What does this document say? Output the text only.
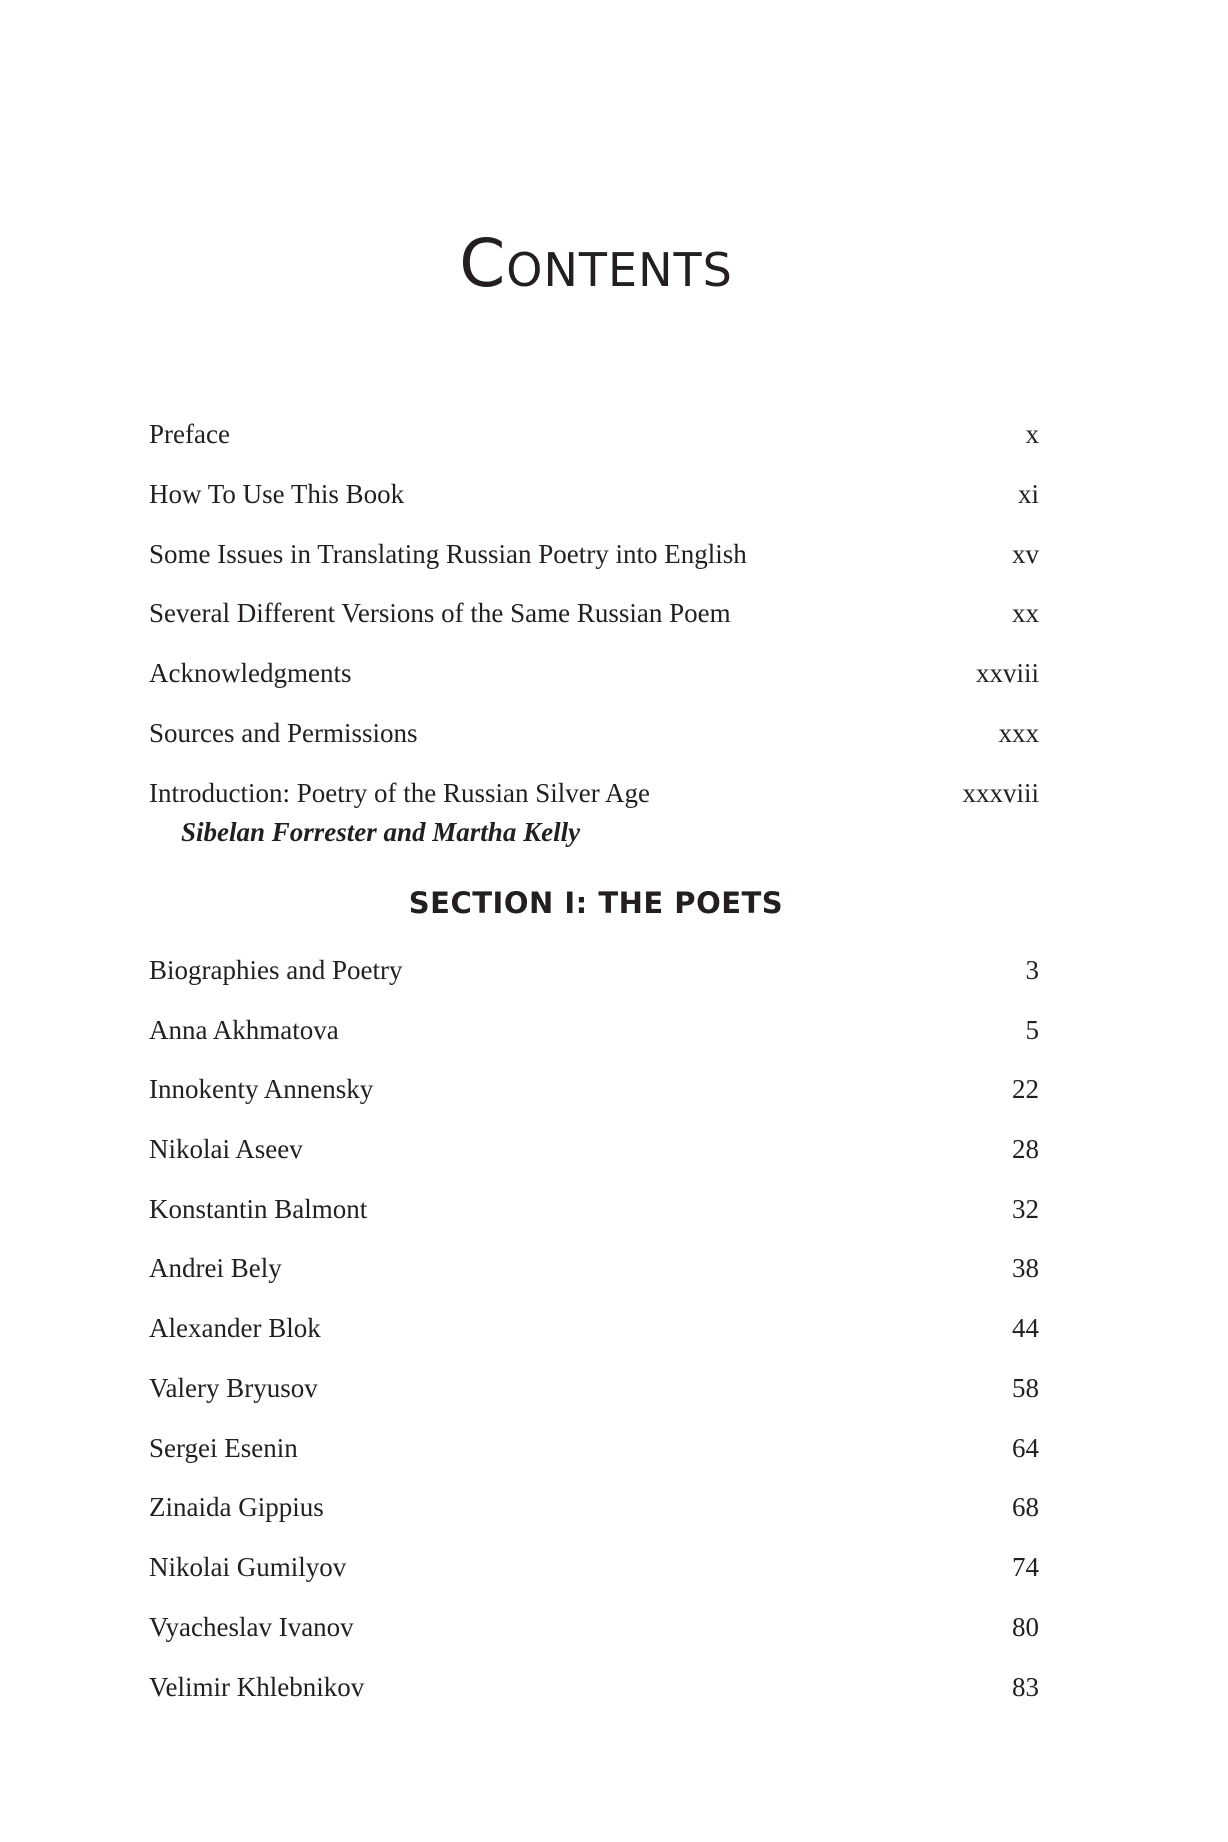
Contents
Preface	x
How To Use This Book	xi
Some Issues in Translating Russian Poetry into English	xv
Several Different Versions of the Same Russian Poem	xx
Acknowledgments	xxviii
Sources and Permissions	xxx
Introduction: Poetry of the Russian Silver Age	xxxviii
Sibelan Forrester and Martha Kelly
SECTION I: THE POETS
Biographies and Poetry	3
Anna Akhmatova	5
Innokenty Annensky	22
Nikolai Aseev	28
Konstantin Balmont	32
Andrei Bely	38
Alexander Blok	44
Valery Bryusov	58
Sergei Esenin	64
Zinaida Gippius	68
Nikolai Gumilyov	74
Vyacheslav Ivanov	80
Velimir Khlebnikov	83
